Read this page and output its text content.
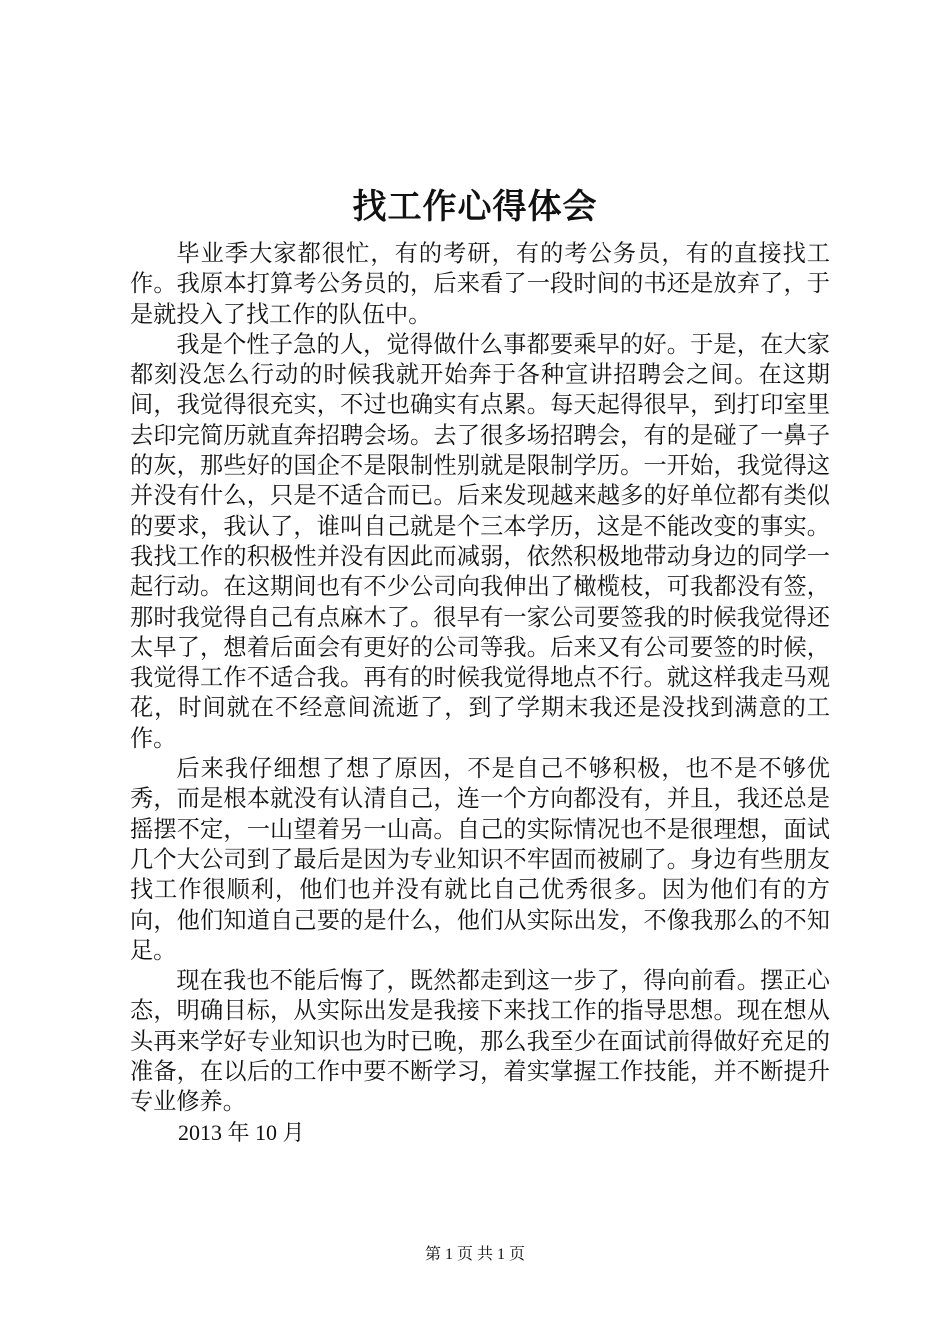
找工作心得体会

毕业季大家都很忙，有的考研，有的考公务员，有的直接找工作。我原本打算考公务员的，后来看了一段时间的书还是放弃了，于是就投入了找工作的队伍中。

我是个性子急的人，觉得做什么事都要乘早的好。于是，在大家都刻没怎么行动的时候我就开始奔于各种宣讲招聘会之间。在这期间，我觉得很充实，不过也确实有点累。每天起得很早，到打印室里去印完简历就直奔招聘会场。去了很多场招聘会，有的是碰了一鼻子的灰，那些好的国企不是限制性别就是限制学历。一开始，我觉得这并没有什么，只是不适合而已。后来发现越来越多的好单位都有类似的要求，我认了，谁叫自己就是个三本学历，这是不能改变的事实。我找工作的积极性并没有因此而减弱，依然积极地带动身边的同学一起行动。在这期间也有不少公司向我伸出了橄榄枝，可我都没有签，那时我觉得自己有点麻木了。很早有一家公司要签我的时候我觉得还太早了，想着后面会有更好的公司等我。后来又有公司要签的时候，我觉得工作不适合我。再有的时候我觉得地点不行。就这样我走马观花，时间就在不经意间流逝了，到了学期末我还是没找到满意的工作。

后来我仔细想了想了原因，不是自己不够积极，也不是不够优秀，而是根本就没有认清自己，连一个方向都没有，并且，我还总是摇摆不定，一山望着另一山高。自己的实际情况也不是很理想，面试几个大公司到了最后是因为专业知识不牢固而被刷了。身边有些朋友找工作很顺利，他们也并没有就比自己优秀很多。因为他们有的方向，他们知道自己要的是什么，他们从实际出发，不像我那么的不知足。

现在我也不能后悔了，既然都走到这一步了，得向前看。摆正心态，明确目标，从实际出发是我接下来找工作的指导思想。现在想从头再来学好专业知识也为时已晚，那么我至少在面试前得做好充足的准备，在以后的工作中要不断学习，着实掌握工作技能，并不断提升专业修养。

2013 年 10 月

第 1 页 共 1 页
